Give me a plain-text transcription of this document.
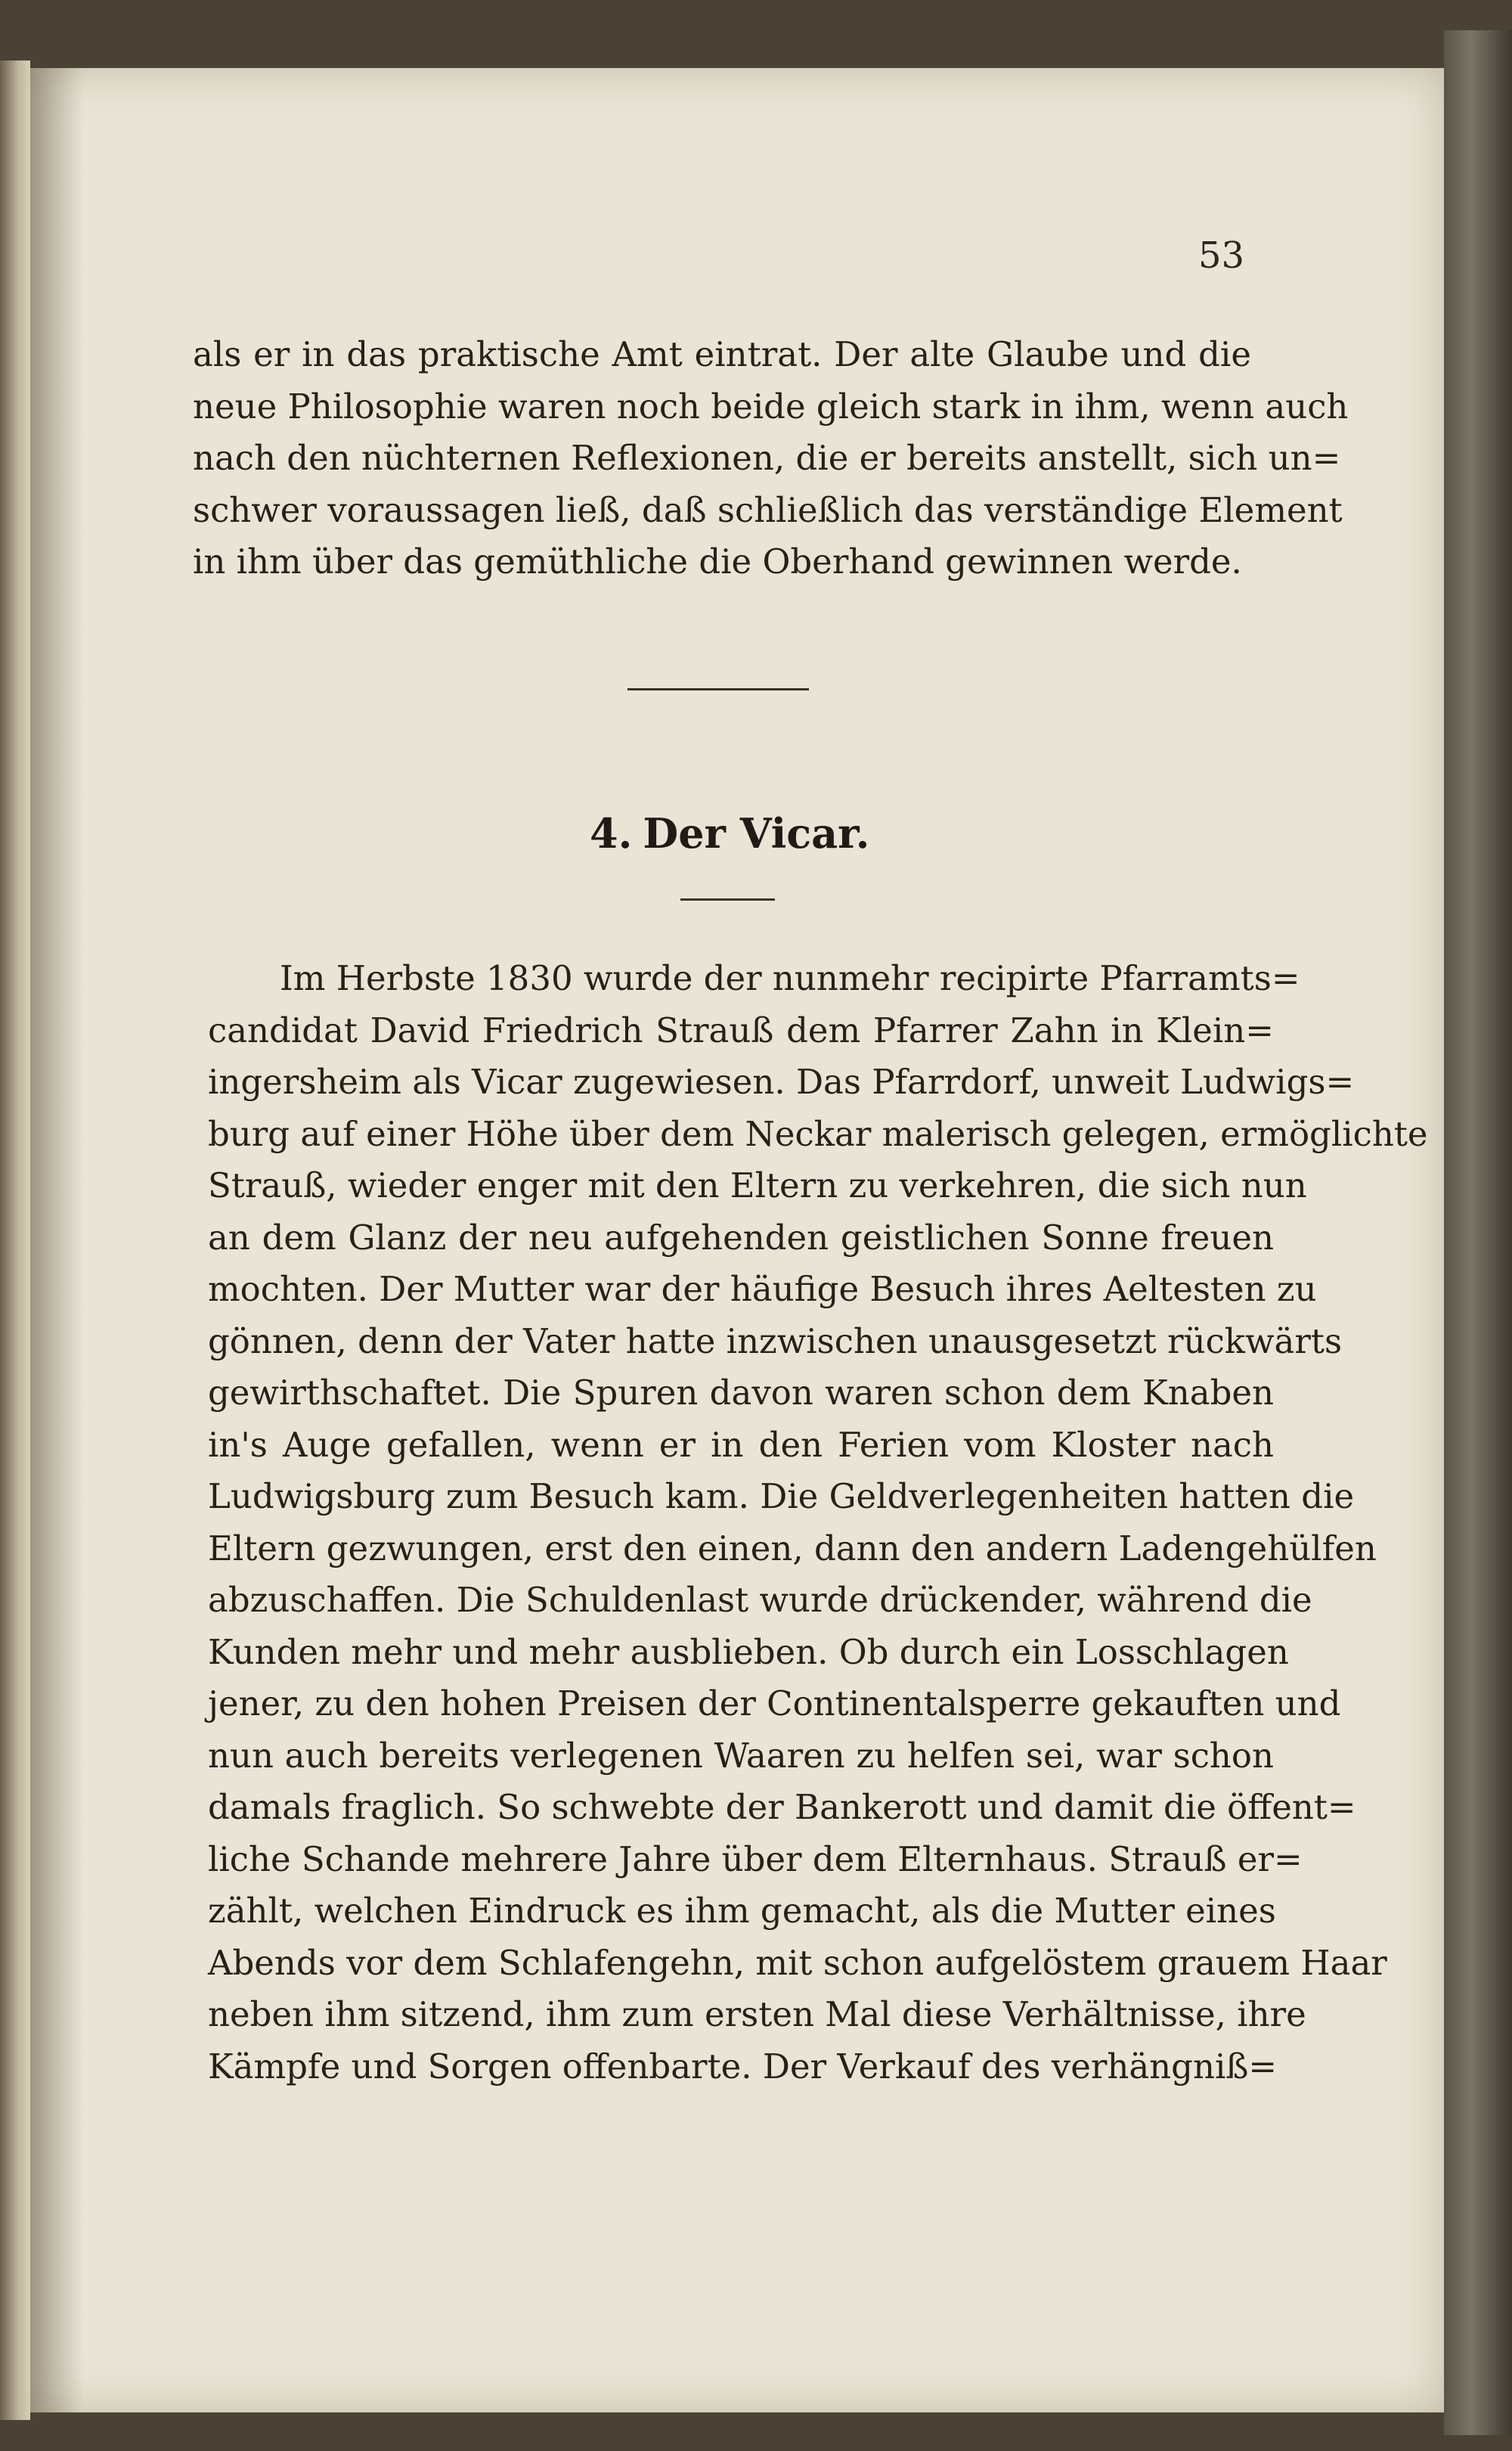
53
als er in das praktische Amt eintrat. Der alte Glaube und die
neue Philosophie waren noch beide gleich stark in ihm, wenn auch
nach den nüchternen Reflexionen, die er bereits anstellt, sich un=
schwer voraussagen ließ, daß schließlich das verständige Element
in ihm über das gemüthliche die Oberhand gewinnen werde.
4. Der Vicar.
Im Herbste 1830 wurde der nunmehr recipirte Pfarramts=
candidat David Friedrich Strauß dem Pfarrer Zahn in Klein=
ingersheim als Vicar zugewiesen. Das Pfarrdorf, unweit Ludwigs=
burg auf einer Höhe über dem Neckar malerisch gelegen, ermöglichte
Strauß, wieder enger mit den Eltern zu verkehren, die sich nun
an dem Glanz der neu aufgehenden geistlichen Sonne freuen
mochten. Der Mutter war der häufige Besuch ihres Aeltesten zu
gönnen, denn der Vater hatte inzwischen unausgesetzt rückwärts
gewirthschaftet. Die Spuren davon waren schon dem Knaben
in's Auge gefallen, wenn er in den Ferien vom Kloster nach
Ludwigsburg zum Besuch kam. Die Geldverlegenheiten hatten die
Eltern gezwungen, erst den einen, dann den andern Ladengehülfen
abzuschaffen. Die Schuldenlast wurde drückender, während die
Kunden mehr und mehr ausblieben. Ob durch ein Losschlagen
jener, zu den hohen Preisen der Continentalsperre gekauften und
nun auch bereits verlegenen Waaren zu helfen sei, war schon
damals fraglich. So schwebte der Bankerott und damit die öffent=
liche Schande mehrere Jahre über dem Elternhaus. Strauß er=
zählt, welchen Eindruck es ihm gemacht, als die Mutter eines
Abends vor dem Schlafengehn, mit schon aufgelöstem grauem Haar
neben ihm sitzend, ihm zum ersten Mal diese Verhältnisse, ihre
Kämpfe und Sorgen offenbarte. Der Verkauf des verhängniß=
